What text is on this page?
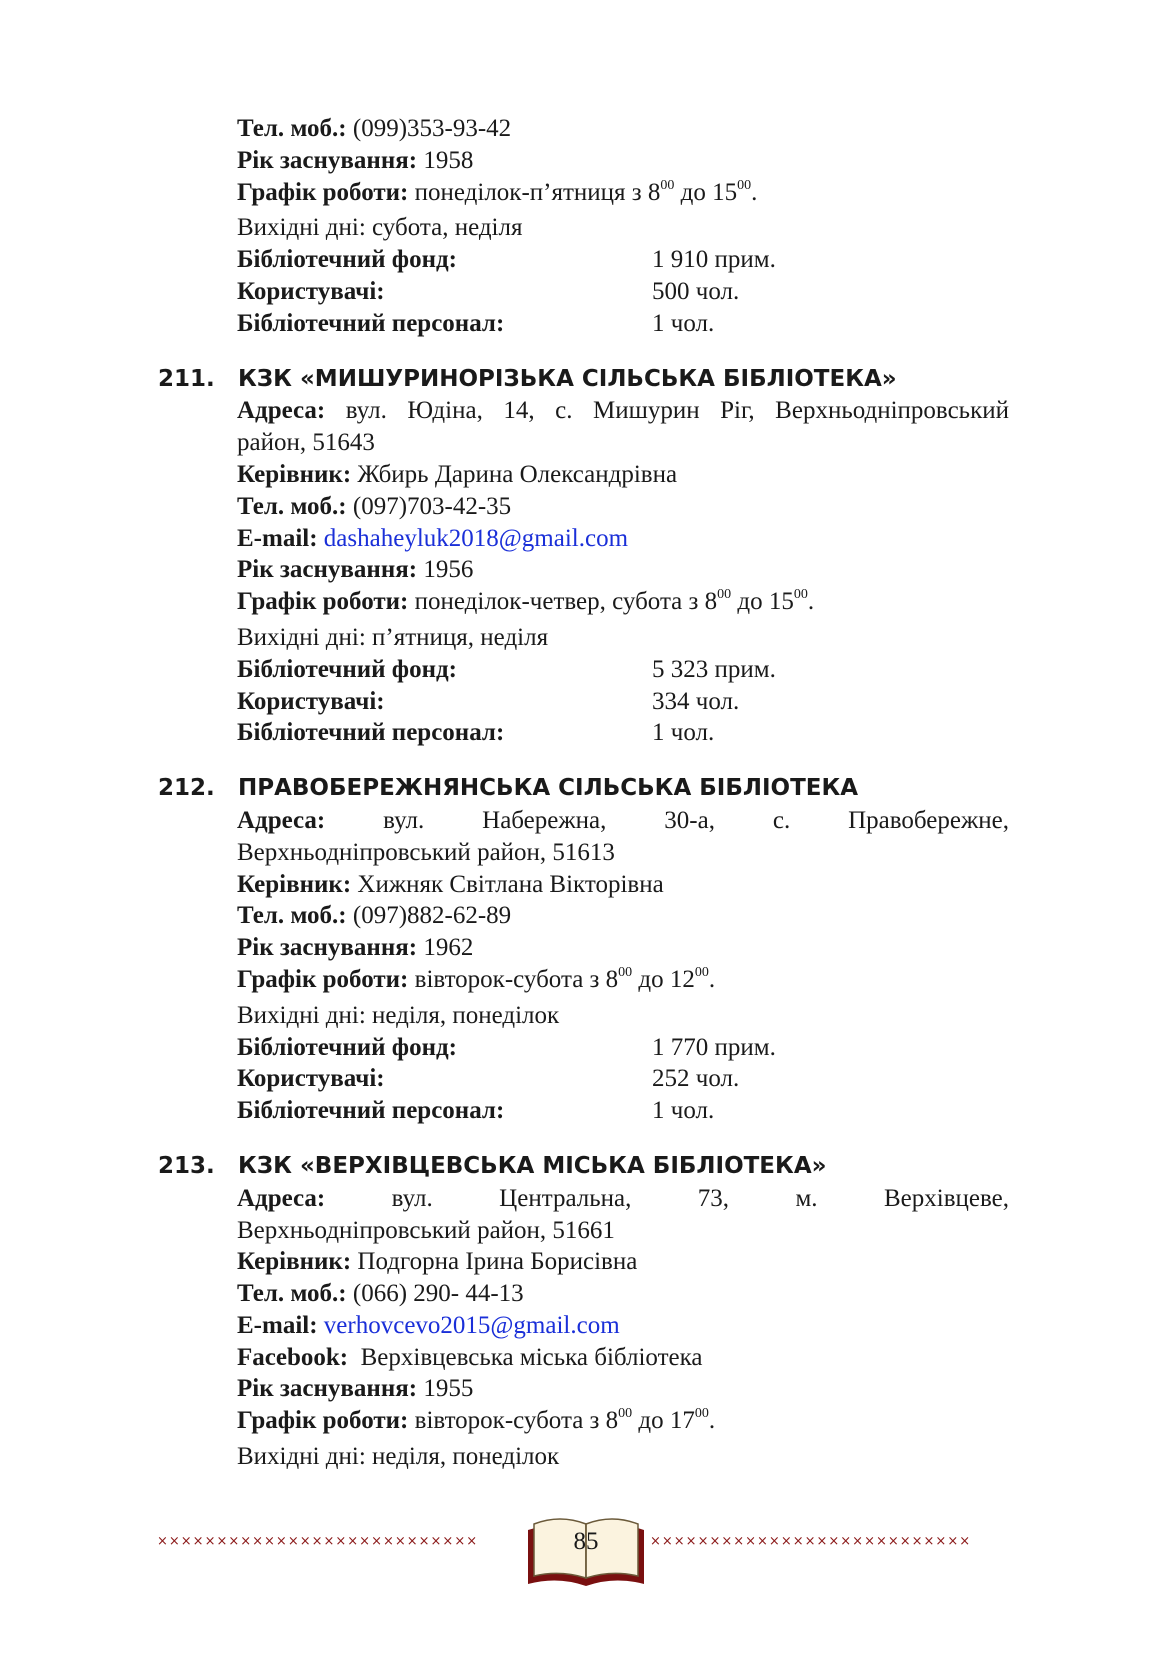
Тел. моб.: (099)353-93-42
Рік заснування: 1958
Графік роботи: понеділок-п’ятниця з $8^{00}$ до $15^{00}$.
Вихідні дні: субота, неділя
Бібліотечний фонд:	1 910 прим.
Користувачі:	500 чол.
Бібліотечний персонал:	1 чол.
211. КЗК «МИШУРИНОРІЗЬКА СІЛЬСЬКА БІБЛІОТЕКА»
Адреса: вул. Юдіна, 14, с. Мишурин Ріг, Верхньодніпровський
район, 51643
Керівник: Жбирь Дарина Олександрівна
Тел. моб.: (097)703-42-35
E-mail: dashaheyluk2018@gmail.com
Рік заснування: 1956
Графік роботи: понеділок-четвер, субота з $8^{00}$ до $15^{00}$.
Вихідні дні: п’ятниця, неділя
Бібліотечний фонд:	5 323 прим.
Користувачі:	334 чол.
Бібліотечний персонал:	1 чол.
212. ПРАВОБЕРЕЖНЯНСЬКА СІЛЬСЬКА БІБЛІОТЕКА
Адреса: вул. Набережна, 30-а, с. Правобережне,
Верхньодніпровський район, 51613
Керівник: Хижняк Світлана Вікторівна
Тел. моб.: (097)882-62-89
Рік заснування: 1962
Графік роботи: вівторок-субота з $8^{00}$ до $12^{00}$.
Вихідні дні: неділя, понеділок
Бібліотечний фонд:	1 770 прим.
Користувачі:	252 чол.
Бібліотечний персонал:	1 чол.
213. КЗК «ВЕРХІВЦЕВСЬКА МІСЬКА БІБЛІОТЕКА»
Адреса: вул. Центральна, 73, м. Верхівцеве,
Верхньодніпровський район, 51661
Керівник: Подгорна Ірина Борисівна
Тел. моб.: (066) 290- 44-13
E-mail: verhovcevo2015@gmail.com
Facebook:  Верхівцевська міська бібліотека
Рік заснування: 1955
Графік роботи: вівторок-субота з $8^{00}$ до $17^{00}$.
Вихідні дні: неділя, понеділок
×××××××××××××××××××××××××××	85	×××××××××××××××××××××××××××
